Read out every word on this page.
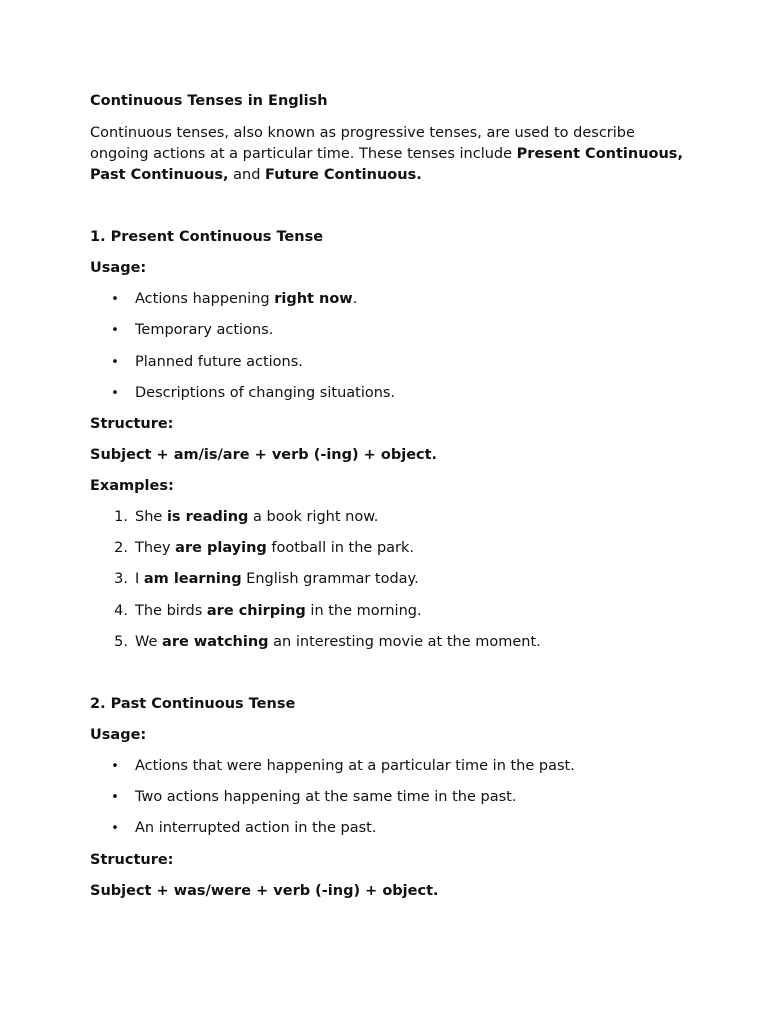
Continuous Tenses in English

Continuous tenses, also known as progressive tenses, are used to describe ongoing actions at a particular time. These tenses include Present Continuous, Past Continuous, and Future Continuous.

1. Present Continuous Tense
Usage:
• Actions happening right now.
• Temporary actions.
• Planned future actions.
• Descriptions of changing situations.
Structure:
Subject + am/is/are + verb (-ing) + object.
Examples:
1. She is reading a book right now.
2. They are playing football in the park.
3. I am learning English grammar today.
4. The birds are chirping in the morning.
5. We are watching an interesting movie at the moment.
2. Past Continuous Tense
Usage:
• Actions that were happening at a particular time in the past.
• Two actions happening at the same time in the past.
• An interrupted action in the past.
Structure:
Subject + was/were + verb (-ing) + object.
